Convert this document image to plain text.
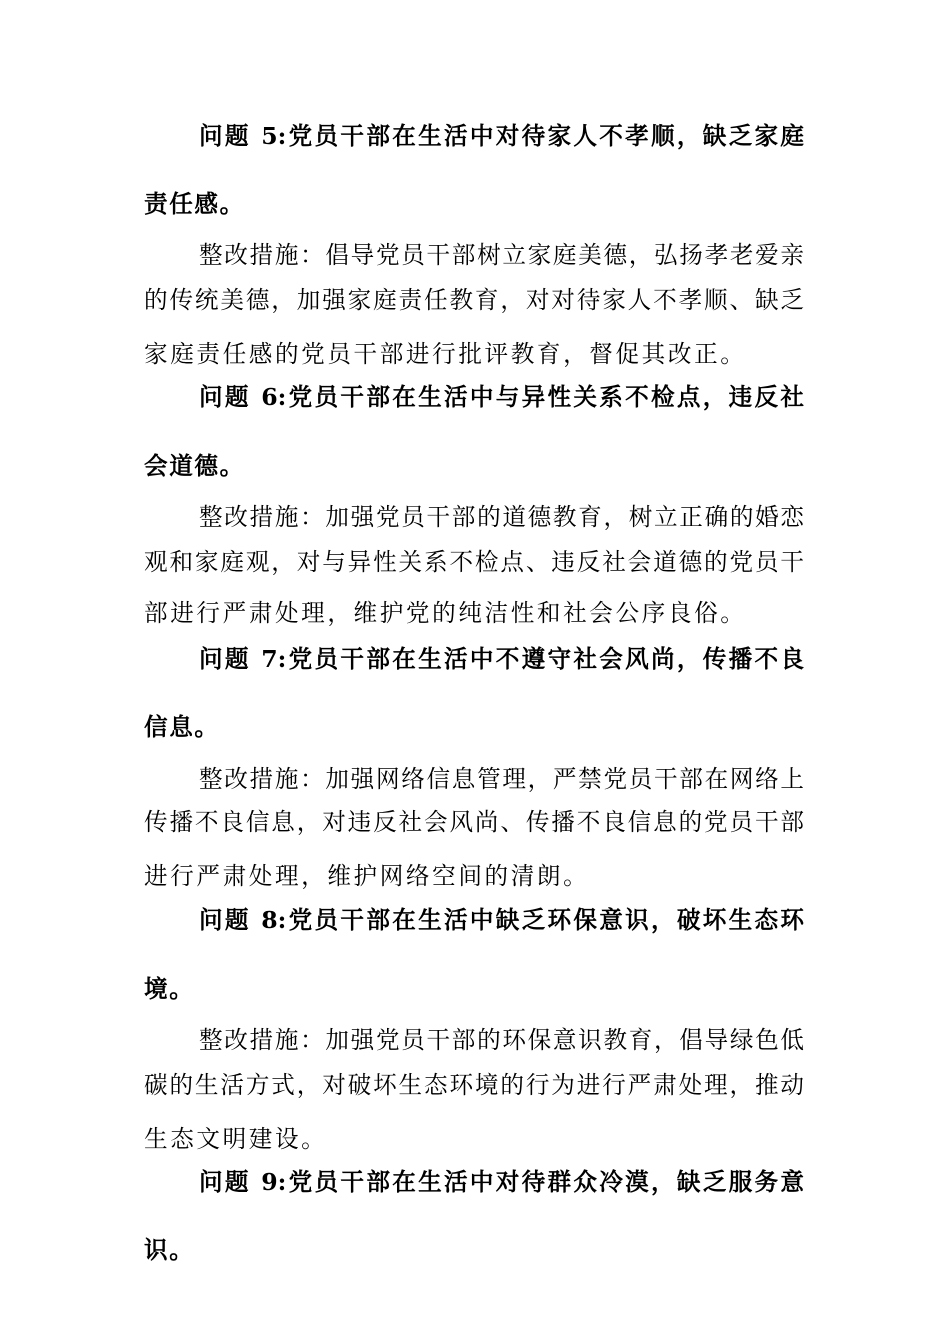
问题 5:党员干部在生活中对待家人不孝顺，缺乏家庭
责任感。
整改措施：倡导党员干部树立家庭美德，弘扬孝老爱亲
的传统美德，加强家庭责任教育，对对待家人不孝顺、缺乏
家庭责任感的党员干部进行批评教育，督促其改正。
问题 6:党员干部在生活中与异性关系不检点，违反社
会道德。
整改措施：加强党员干部的道德教育，树立正确的婚恋
观和家庭观，对与异性关系不检点、违反社会道德的党员干
部进行严肃处理，维护党的纯洁性和社会公序良俗。
问题 7:党员干部在生活中不遵守社会风尚，传播不良
信息。
整改措施：加强网络信息管理，严禁党员干部在网络上
传播不良信息，对违反社会风尚、传播不良信息的党员干部
进行严肃处理，维护网络空间的清朗。
问题 8:党员干部在生活中缺乏环保意识，破坏生态环
境。
整改措施：加强党员干部的环保意识教育，倡导绿色低
碳的生活方式，对破坏生态环境的行为进行严肃处理，推动
生态文明建设。
问题 9:党员干部在生活中对待群众冷漠，缺乏服务意
识。
